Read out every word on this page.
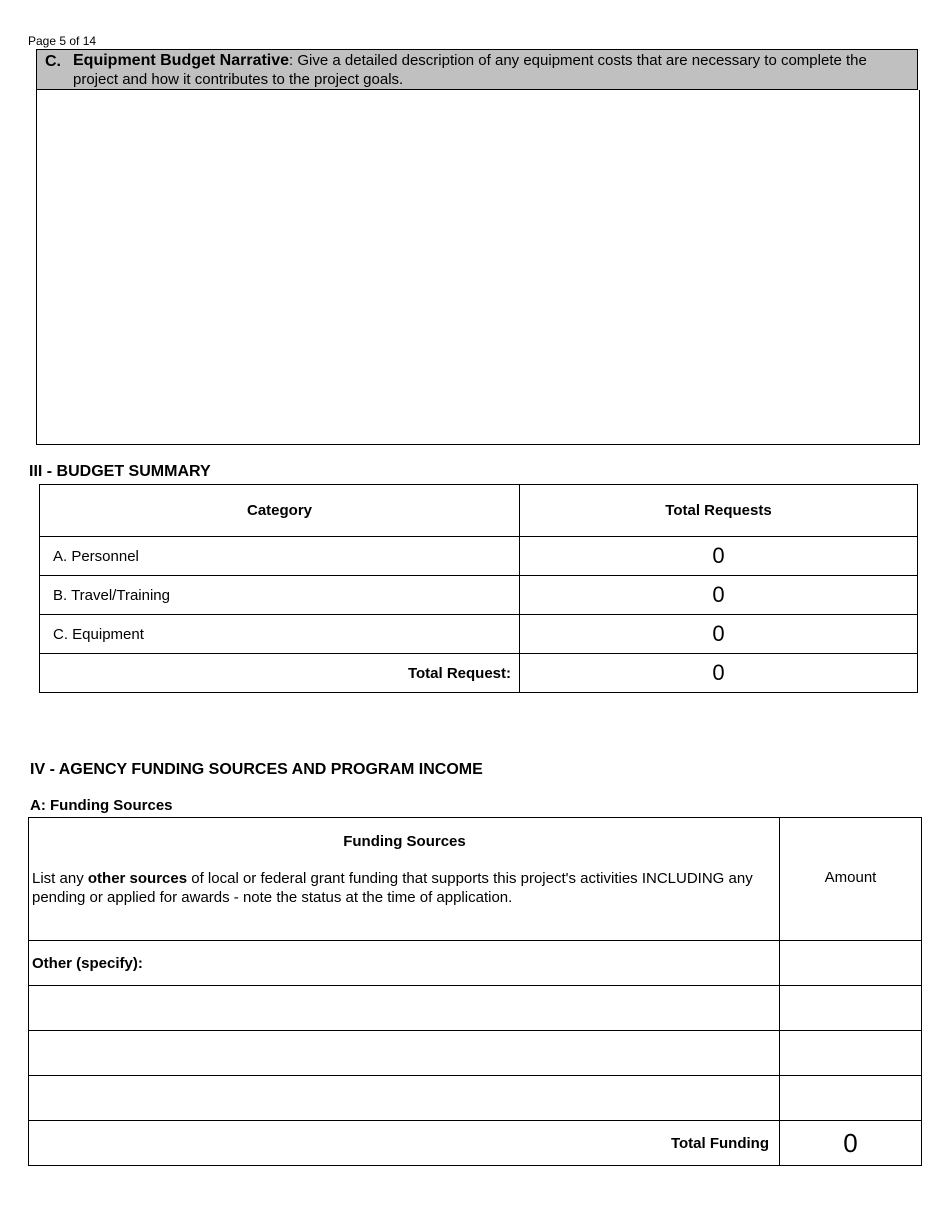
Page 5 of 14
C. Equipment Budget Narrative: Give a detailed description of any equipment costs that are necessary to complete the project and how it contributes to the project goals.
III - BUDGET SUMMARY
Category	Total Requests
A. Personnel	0
B. Travel/Training	0
C. Equipment	0
Total Request:	0
IV - AGENCY FUNDING SOURCES AND PROGRAM INCOME
A: Funding Sources
Funding Sources
List any other sources of local or federal grant funding that supports this project's activities INCLUDING any pending or applied for awards - note the status at the time of application.	Amount
Other (specify):	

Total Funding	0
